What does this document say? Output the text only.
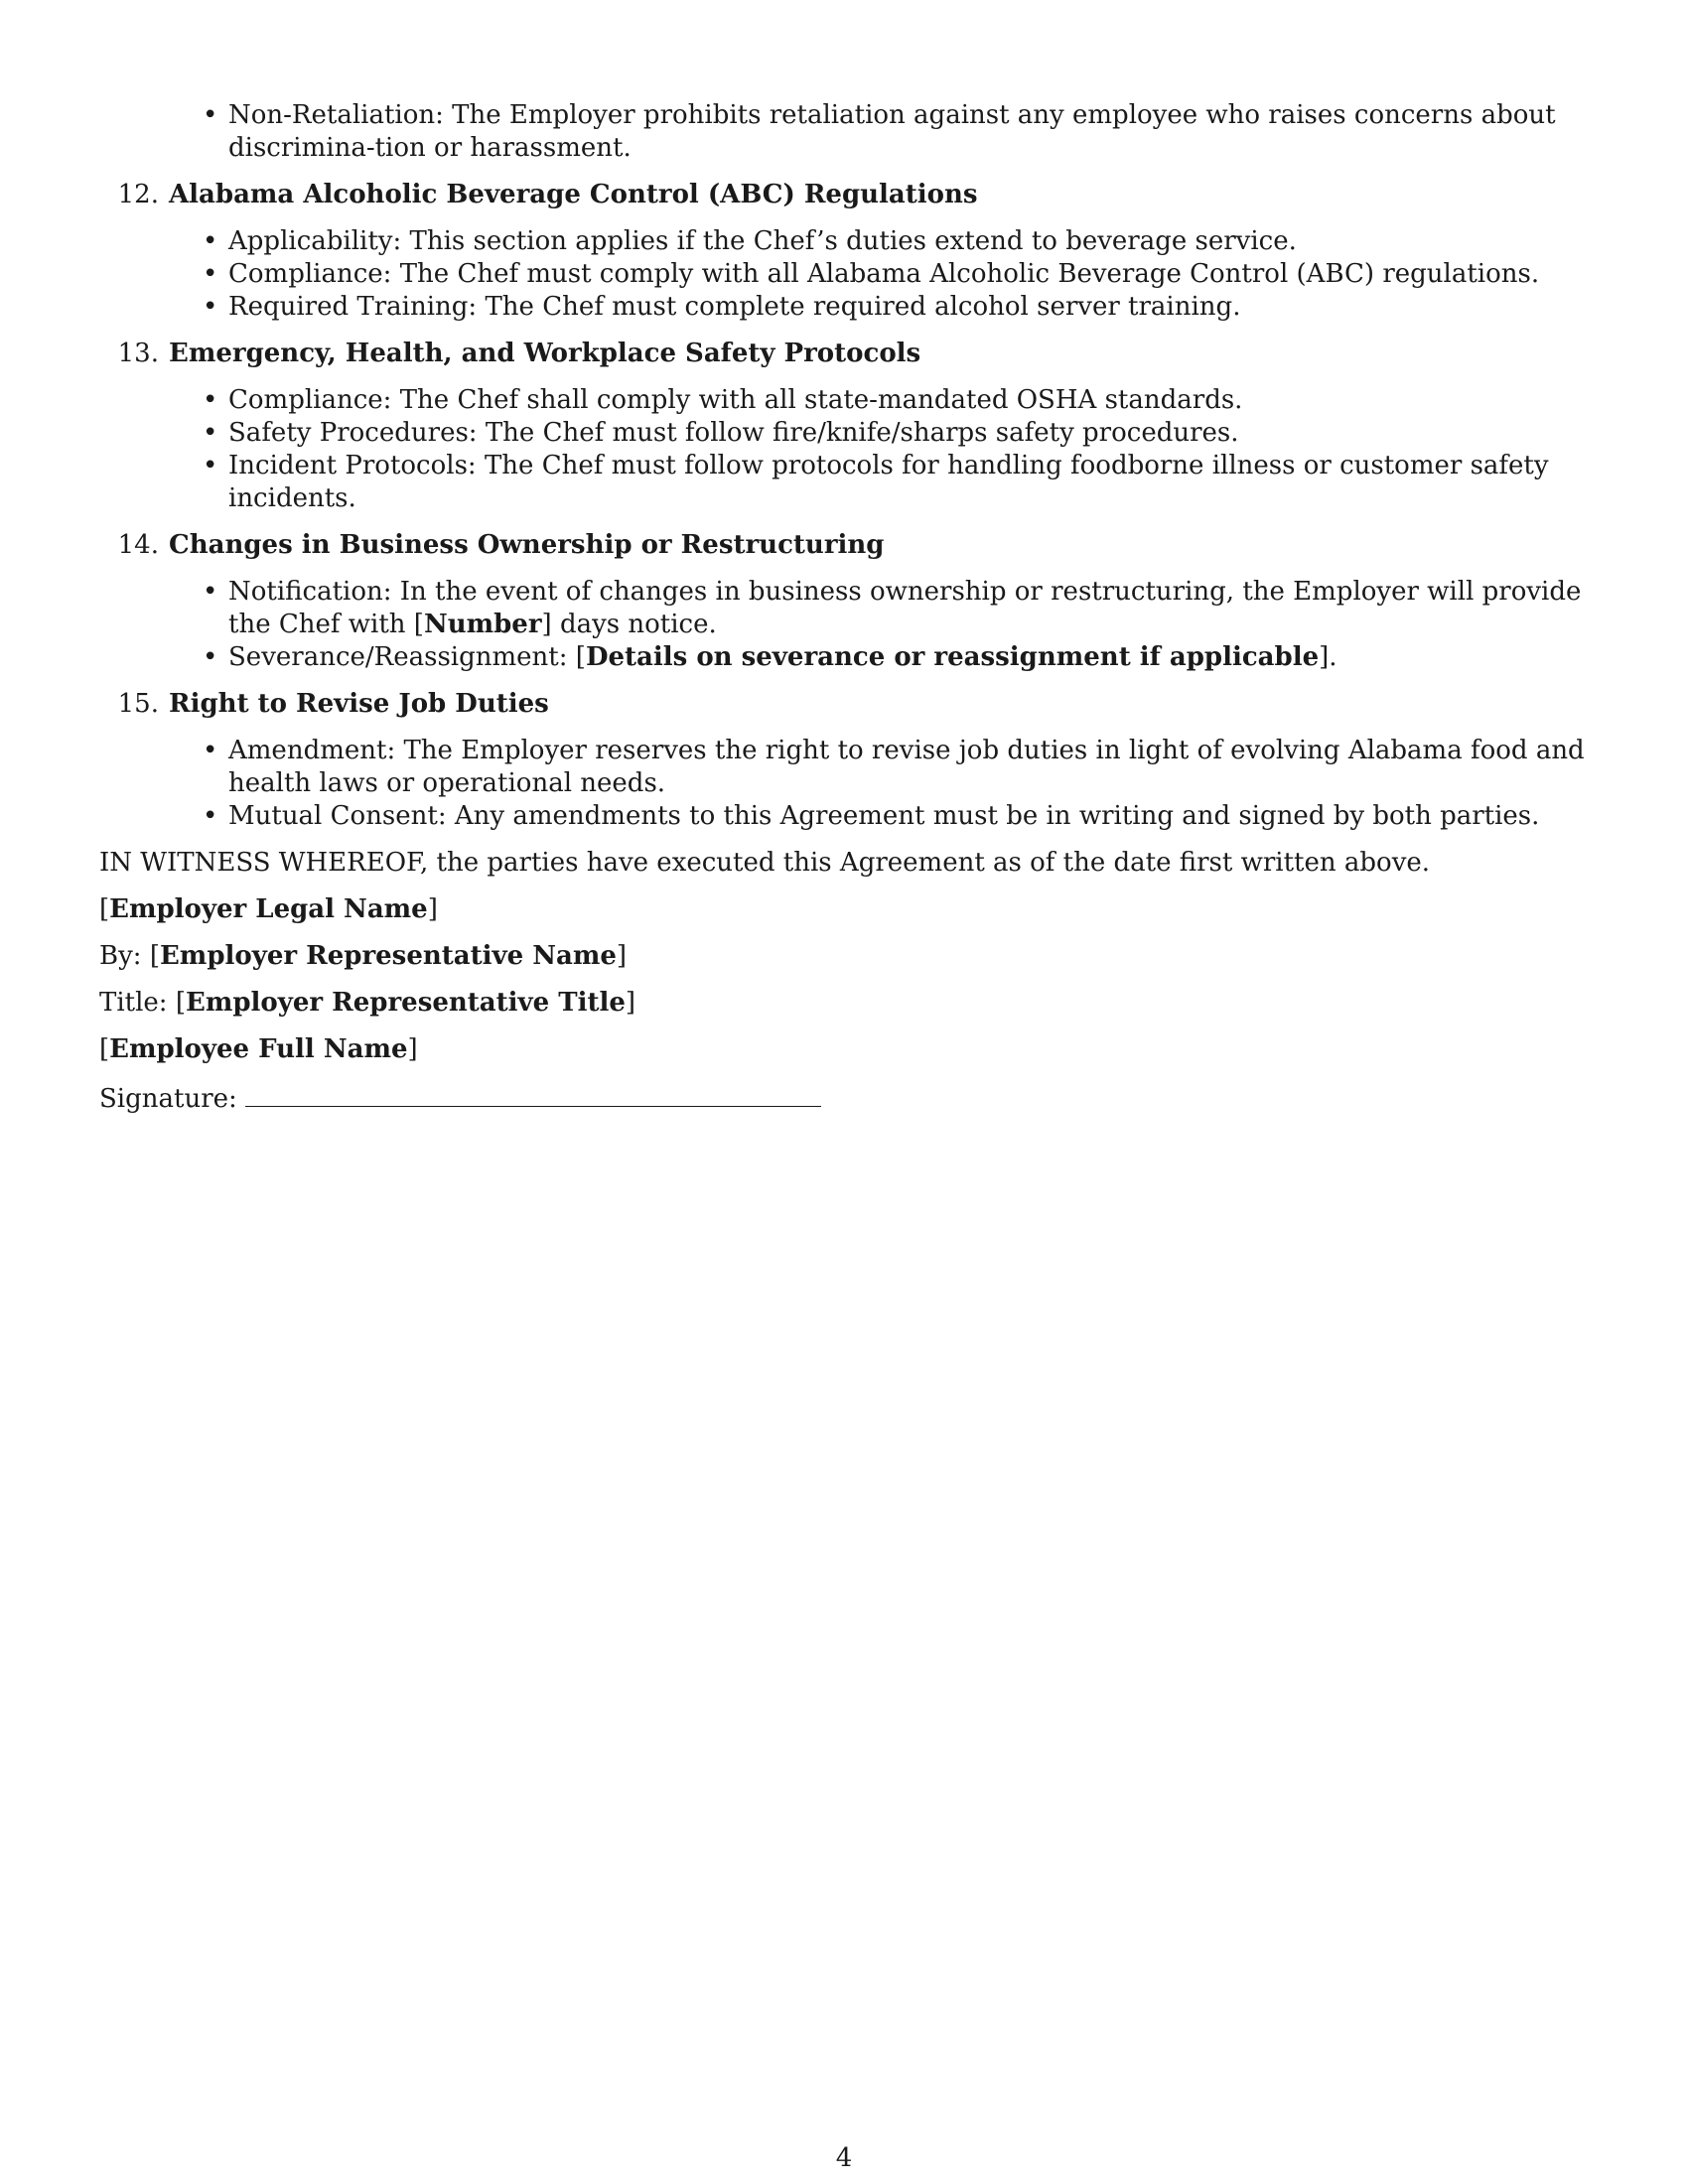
• Non-Retaliation: The Employer prohibits retaliation against any employee who raises concerns about discrimina-tion or harassment.
12. Alabama Alcoholic Beverage Control (ABC) Regulations
• Applicability: This section applies if the Chef’s duties extend to beverage service.
• Compliance: The Chef must comply with all Alabama Alcoholic Beverage Control (ABC) regulations.
• Required Training: The Chef must complete required alcohol server training.
13. Emergency, Health, and Workplace Safety Protocols
• Compliance: The Chef shall comply with all state-mandated OSHA standards.
• Safety Procedures: The Chef must follow fire/knife/sharps safety procedures.
• Incident Protocols: The Chef must follow protocols for handling foodborne illness or customer safety incidents.
14. Changes in Business Ownership or Restructuring
• Notification: In the event of changes in business ownership or restructuring, the Employer will provide the Chef with [Number] days notice.
• Severance/Reassignment: [Details on severance or reassignment if applicable].
15. Right to Revise Job Duties
• Amendment: The Employer reserves the right to revise job duties in light of evolving Alabama food and health laws or operational needs.
• Mutual Consent: Any amendments to this Agreement must be in writing and signed by both parties.
IN WITNESS WHEREOF, the parties have executed this Agreement as of the date first written above.
[Employer Legal Name]
By: [Employer Representative Name]
Title: [Employer Representative Title]
[Employee Full Name]
Signature:
4
